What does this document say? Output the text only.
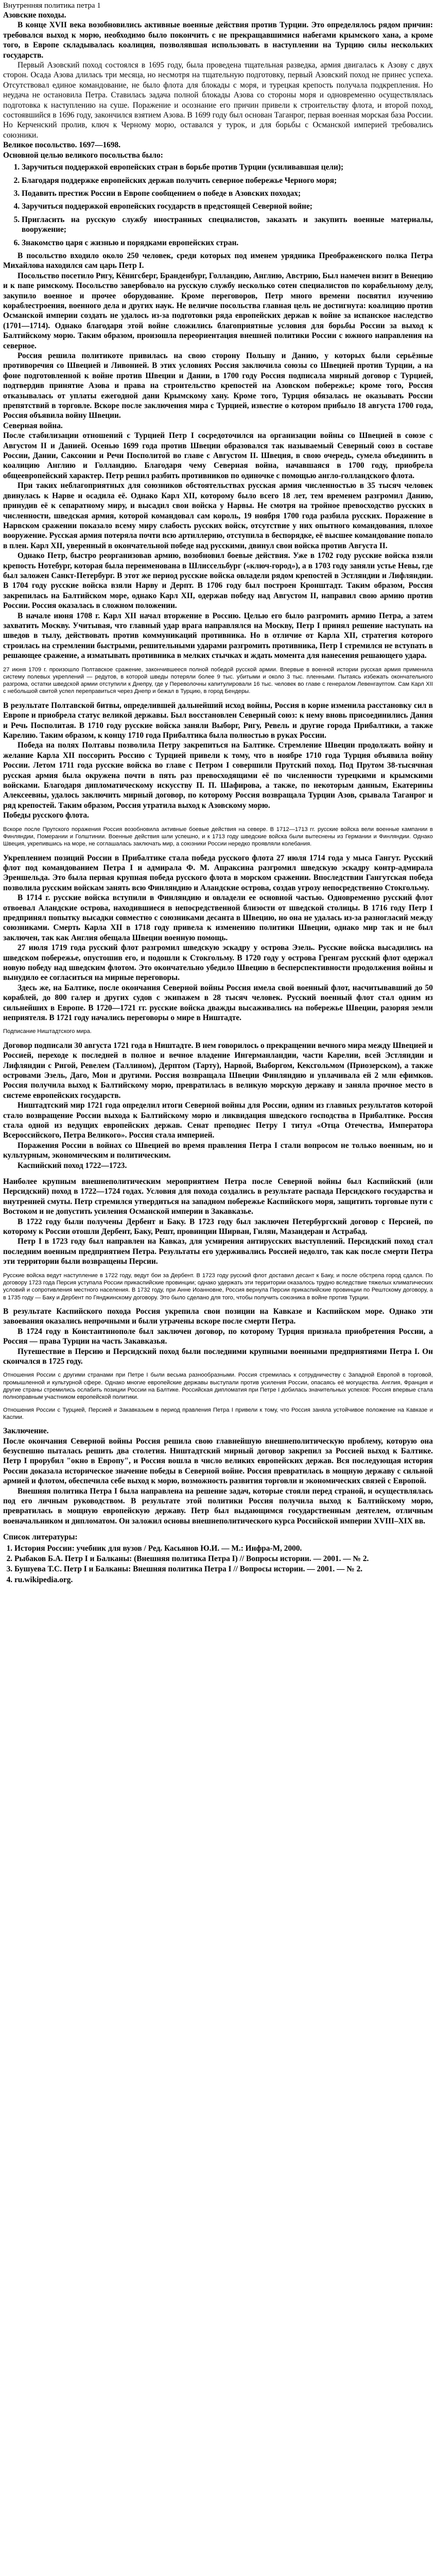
Внутренняя политика петра 1

Азовские походы.

В конце XVII века возобновились активные военные действия против Турции. Это определялось рядом причин: требовался выход к морю, необходимо было покончить с не прекращавшимися набегами крымского хана, а кроме того, в Европе складывалась коалиция, позволявшая использовать в наступлении на Турцию силы нескольких государств.

Первый Азовский поход состоялся в 1695 году, была проведена тщательная разведка, армия двигалась к Азову с двух сторон. Осада Азова длилась три месяца, но несмотря на тщательную подготовку, первый Азовский поход не принес успеха. Отсутствовал единое командование, не было флота для блокады с моря, и турецкая крепость получала подкрепления. Но неудача не остановила Петра. Ставилась задача полной блокады Азова со стороны моря и одновременно осуществлялась подготовка к наступлению на суше. Поражение и осознание его причин привели к строительству флота, и второй поход, состоявшийся в 1696 году, закончился взятием Азова. В 1699 году был основан Таганрог, первая военная морская база России. Но Керченский пролив, ключ к Черному морю, оставался у турок, и для борьбы с Османской империей требовались союзники.

Великое посольство. 1697—1698.

Основной целью великого посольства было:

1. Заручиться поддержкой европейских стран в борьбе против Турции (усиливавшая цели);
2. Благодаря поддержке европейских держав получить северное побережье Черного моря;
3. Подавить престиж России в Европе сообщением о победе в Азовских походах;
4. Заручиться поддержкой европейских государств в предстоящей Северной войне;
5. Пригласить на русскую службу иностранных специалистов, заказать и закупить военные материалы, вооружение;
6. Знакомство царя с жизнью и порядками европейских стран.

В посольство входило около 250 человек, среди которых под именем урядника Преображенского полка Петра Михайлова находился сам царь Петр I.

Посольство посетило Ригу, Кёнигсберг, Бранденбург, Голландию, Англию, Австрию, Был намечен визит в Венецию и к папе римскому. Посольство завербовало на русскую службу несколько сотен специалистов по корабельному делу, закупило военное и прочее оборудование. Кроме переговоров, Петр много времени посвятил изучению кораблестроения, военного дела и других наук. Не величие посольства главная цель не достигнута: коалицию против Османской империи создать не удалось из-за подготовки ряда европейских держав к войне за испанское наследство (1701—1714). Однако благодаря этой войне сложились благоприятные условия для борьбы России за выход к Балтийскому морю. Таким образом, произошла переориентация внешней политики России с южного направления на северное.

Россия решила политикоте привилась на свою сторону Польшу и Данию, у которых были серьёзные противоречия со Швецией и Ливонией. В этих условиях Россия заключила союзы со Швецией против Турции, а на фоне подготовленной к войне против Швеции и Дании, в 1700 году Россия подписала мирный договор с Турцией, подтвердив принятие Азова и права на строительство крепостей на Азовском побережье; кроме того, Россия отказывалась от уплаты ежегодной дани Крымскому хану. Кроме того, Турция обязалась не оказывать России препятствий в торговле. Вскоре после заключения мира с Турцией, известие о котором прибыло 18 августа 1700 года, Россия объявила войну Швеции.

Северная война.

После стабилизации отношений с Турцией Петр I сосредоточился на организации войны со Швецией в союзе с Августом II и Данией. Осенью 1699 года против Швеции образовался так называемый Северный союз в составе России, Дании, Саксонии и Речи Посполитой во главе с Августом II. Швеция, в свою очередь, сумела объединить в коалицию Англию и Голландию. Благодаря чему Северная война, начавшаяся в 1700 году, приобрела общеевропейский характер. Петр решил разбить противников по одиночке с помощью англо-голландского флота.

При таких неблагоприятных для союзников обстоятельствах русская армия численностью в 35 тысяч человек двинулась к Нарве и осадила её. Однако Карл XII, которому было всего 18 лет, тем временем разгромил Данию, принудив её к сепаратному миру, и высадил свои войска у Нарвы. Не смотря на тройное превосходство русских в численности, шведская армия, которой командовал сам король, 19 ноября 1700 года разбила русских. Поражение в Нарвском сражении показало всему миру слабость русских войск, отсутствие у них опытного командования, плохое вооружение. Русская армия потеряла почти всю артиллерию, отступила в беспорядке, её высшее командование попало в плен. Карл XII, уверенный в окончательной победе над русскими, двинул свои войска против Августа II.

Однако Петр, быстро реорганизовав армию, возобновил боевые действия. Уже в 1702 году русские войска взяли крепость Нотебург, которая была переименована в Шлиссельбург («ключ-город»), а в 1703 году заняли устье Невы, где был заложен Санкт-Петербург. В этот же период русские войска овладели рядом крепостей в Эстляндии и Лифляндии. В 1704 году русские войска взяли Нарву и Дерпт. В 1706 году был построен Кронштадт. Таким образом, Россия закрепилась на Балтийском море, однако Карл XII, одержав победу над Августом II, направил свою армию против России. Россия оказалась в сложном положении.

В начале июня 1708 г. Карл XII начал вторжение в Россию. Целью его было разгромить армию Петра, а затем захватить Москву. Учитывая, что главный удар врага направлялся на Москву, Петр I принял решение наступать на шведов в тылу, действовать против коммуникаций противника. Но в отличие от Карла XII, стратегия которого строилась на стремлении быстрыми, решительными ударами разгромить противника, Петр I стремился не вступать в решающее сражение, а изматывать противника в мелких стычках и ждать момента для нанесения решающего удара.

27 июня 1709 г. произошло Полтавское сражение, закончившееся полной победой русской армии. Впервые в военной истории русская армия применила систему полевых укреплений — редутов, в которой шведы потеряли более 9 тыс. убитыми и около 3 тыс. пленными. Пытаясь избежать окончательного разгрома, остатки шведской армии отступили к Днепру, где у Переволочны капитулировали 16 тыс. человек во главе с генералом Левенгауптом. Сам Карл XII с небольшой свитой успел переправиться через Днепр и бежал в Турцию, в город Бендеры.

В результате Полтавской битвы, определившей дальнейший исход войны, Россия в корне изменила расстановку сил в Европе и приобрела статус великой державы. Был восстановлен Северный союз: к нему вновь присоединились Дания и Речь Посполитая. В 1710 году русские войска заняли Выборг, Ригу, Ревель и другие города Прибалтики, а также Карелию. Таким образом, к концу 1710 года Прибалтика была полностью в руках России.

Победа на полях Полтавы позволила Петру закрепиться на Балтике. Стремление Швеции продолжать войну и желание Карла XII поссорить Россию с Турцией привели к тому, что в ноябре 1710 года Турция объявила войну России. Летом 1711 года русские войска во главе с Петром I совершили Прутский поход. Под Прутом 38-тысячная русская армия была окружена почти в пять раз превосходящими её по численности турецкими и крымскими войсками. Благодаря дипломатическому искусству П. П. Шафирова, а также, по некоторым данным, Екатерины Алексеевны, удалось заключить мирный договор, по которому Россия возвращала Турции Азов, срывала Таганрог и ряд крепостей. Таким образом, Россия утратила выход к Азовскому морю.

Победы русского флота.

Вскоре после Прутского поражения Россия возобновила активные боевые действия на севере. В 1712—1713 гг. русские войска вели военные кампании в Финляндии, Померании и Голштинии. Военные действия шли успешно, и к 1713 году шведские войска были вытеснены из Германии и Финляндии. Однако Швеция, укрепившись на море, не соглашалась заключать мир, а союзники России нередко проявляли колебания.

Укреплением позиций России в Прибалтике стала победа русского флота 27 июля 1714 года у мыса Гангут. Русский флот под командованием Петра I и адмирала Ф. М. Апраксина разгромил шведскую эскадру контр-адмирала Эреншельда. Это была первая крупная победа русского флота в морском сражении. Впоследствии Гангутская победа позволила русским войскам занять всю Финляндию и Аландские острова, создав угрозу непосредственно Стокгольму.

В 1714 г. русские войска вступили в Финляндию и овладели ее основной частью. Одновременно русский флот отвоевал Аландские острова, находившиеся в непосредственной близости от шведской столицы. В 1716 году Петр I предпринял попытку высадки совместно с союзниками десанта в Швецию, но она не удалась из-за разногласий между союзниками. Смерть Карла XII в 1718 году привела к изменению политики Швеции, однако мир так и не был заключен, так как Англия обещала Швеции военную помощь.

27 июля 1719 года русский флот разгромил шведскую эскадру у острова Эзель. Русские войска высадились на шведском побережье, опустошив его, и подошли к Стокгольму. В 1720 году у острова Гренгам русский флот одержал новую победу над шведским флотом. Это окончательно убедило Швецию в бесперспективности продолжения войны и вынудило ее согласиться на мирные переговоры.

Здесь же, на Балтике, после окончания Северной войны Россия имела свой военный флот, насчитывавший до 50 кораблей, до 800 галер и других судов с экипажем в 28 тысяч человек. Русский военный флот стал одним из сильнейших в Европе. В 1720—1721 гг. русские войска дважды высаживались на побережье Швеции, разоряя земли неприятеля. В 1721 году начались переговоры о мире в Ништадте.

Подписание Ништадтского мира.

Договор подписали 30 августа 1721 года в Ништадте. В нем говорилось о прекращении вечного мира между Швецией и Россией, переходе к последней в полное и вечное владение Ингерманландии, части Карелии, всей Эстляндии и Лифляндии с Ригой, Ревелем (Таллином), Дерптом (Тарту), Нарвой, Выборгом, Кексгольмом (Приозерском), а также островами Эзель, Даго, Мон и другими. Россия возвращала Швеции Финляндию и уплачивала ей 2 млн ефимков. Россия получила выход к Балтийскому морю, превратилась в великую морскую державу и заняла прочное место в системе европейских государств.

Ништадтский мир 1721 года определил итоги Северной войны для России, одним из главных результатов которой стало возвращение России выхода к Балтийскому морю и ликвидация шведского господства в Прибалтике. Россия стала одной из ведущих европейских держав. Сенат преподнес Петру I титул «Отца Отечества, Императора Всероссийского, Петра Великого». Россия стала империей.

Поражения России в войнах со Швецией во время правления Петра I стали вопросом не только военным, но и культурным, экономическим и политическим.

Каспийский поход 1722—1723.

Наиболее крупным внешнеполитическим мероприятием Петра после Северной войны был Каспийский (или Персидский) поход в 1722—1724 годах. Условия для похода создались в результате распада Персидского государства и внутренней смуты. Петр стремился утвердиться на западном побережье Каспийского моря, защитить торговые пути с Востоком и не допустить усиления Османской империи в Закавказье.

В 1722 году были получены Дербент и Баку. В 1723 году был заключен Петербургский договор с Персией, по которому к России отошли Дербент, Баку, Решт, провинции Ширван, Гилян, Мазандеран и Астрабад.

Петр I в 1723 году был направлен на Кавказ, для усмирения антирусских выступлений. Персидский поход стал последним военным предприятием Петра. Результаты его удерживались Россией недолго, так как после смерти Петра эти территории были возвращены Персии.

Русские войска ведут наступление в 1722 году, ведут бои за Дербент. В 1723 году русский флот доставил десант к Баку, и после обстрела город сдался. По договору 1723 года Персия уступала России прикаспийские провинции; однако удержать эти территории оказалось трудно вследствие тяжелых климатических условий и сопротивления местного населения. В 1732 году, при Анне Иоанновне, Россия вернула Персии прикаспийские провинции по Рештскому договору, а в 1735 году — Баку и Дербент по Гянджинскому договору. Это было сделано для того, чтобы получить союзника в войне против Турции.

В результате Каспийского похода Россия укрепила свои позиции на Кавказе и Каспийском море. Однако эти завоевания оказались непрочными и были утрачены вскоре после смерти Петра.

В 1724 году в Константинополе был заключен договор, по которому Турция признала приобретения России, а Россия — права Турции на часть Закавказья.

Путешествие в Персию и Персидский поход были последними крупными военными предприятиями Петра I. Он скончался в 1725 году.

Отношения России с другими странами при Петре I были весьма разнообразными. Россия стремилась к сотрудничеству с Западной Европой в торговой, промышленной и культурной сфере. Однако многие европейские державы выступали против усиления России, опасаясь её могущества. Англия, Франция и другие страны стремились ослабить позиции России на Балтике. Российская дипломатия при Петре I добилась значительных успехов: Россия впервые стала полноправным участником европейской политики.

Отношения России с Турцией, Персией и Закавказьем в период правления Петра I привели к тому, что Россия заняла устойчивое положение на Кавказе и Каспии.

Заключение.

После окончания Северной войны Россия решила свою главнейшую внешнеполитическую проблему, которую она безуспешно пыталась решить два столетия. Ништадтский мирный договор закрепил за Россией выход к Балтике. Петр I прорубил "окно в Европу", и Россия вошла в число великих европейских держав. Вся последующая история России доказала историческое значение победы в Северной войне. Россия превратилась в мощную державу с сильной армией и флотом, обеспечила себе выход к морю, возможность развития торговли и экономических связей с Европой.

Внешняя политика Петра I была направлена на решение задач, которые стояли перед страной, и осуществлялась под его личным руководством. В результате этой политики Россия получила выход к Балтийскому морю, превратилась в мощную европейскую державу. Петр был выдающимся государственным деятелем, отличным военачальником и дипломатом. Он заложил основы внешнеполитического курса Российской империи XVIII–XIX вв.

Список литературы:

1. История России: учебник для вузов / Ред. Касьянов Ю.И. — М.: Инфра-М, 2000.
2. Рыбаков Б.А. Петр I и Балканы: (Внешняя политика Петра I) // Вопросы истории. — 2001. — № 2.
3. Бушуева Т.С. Петр I и Балканы: Внешняя политика Петра I // Вопросы истории. — 2001. — № 2.
4. ru.wikipedia.org.
